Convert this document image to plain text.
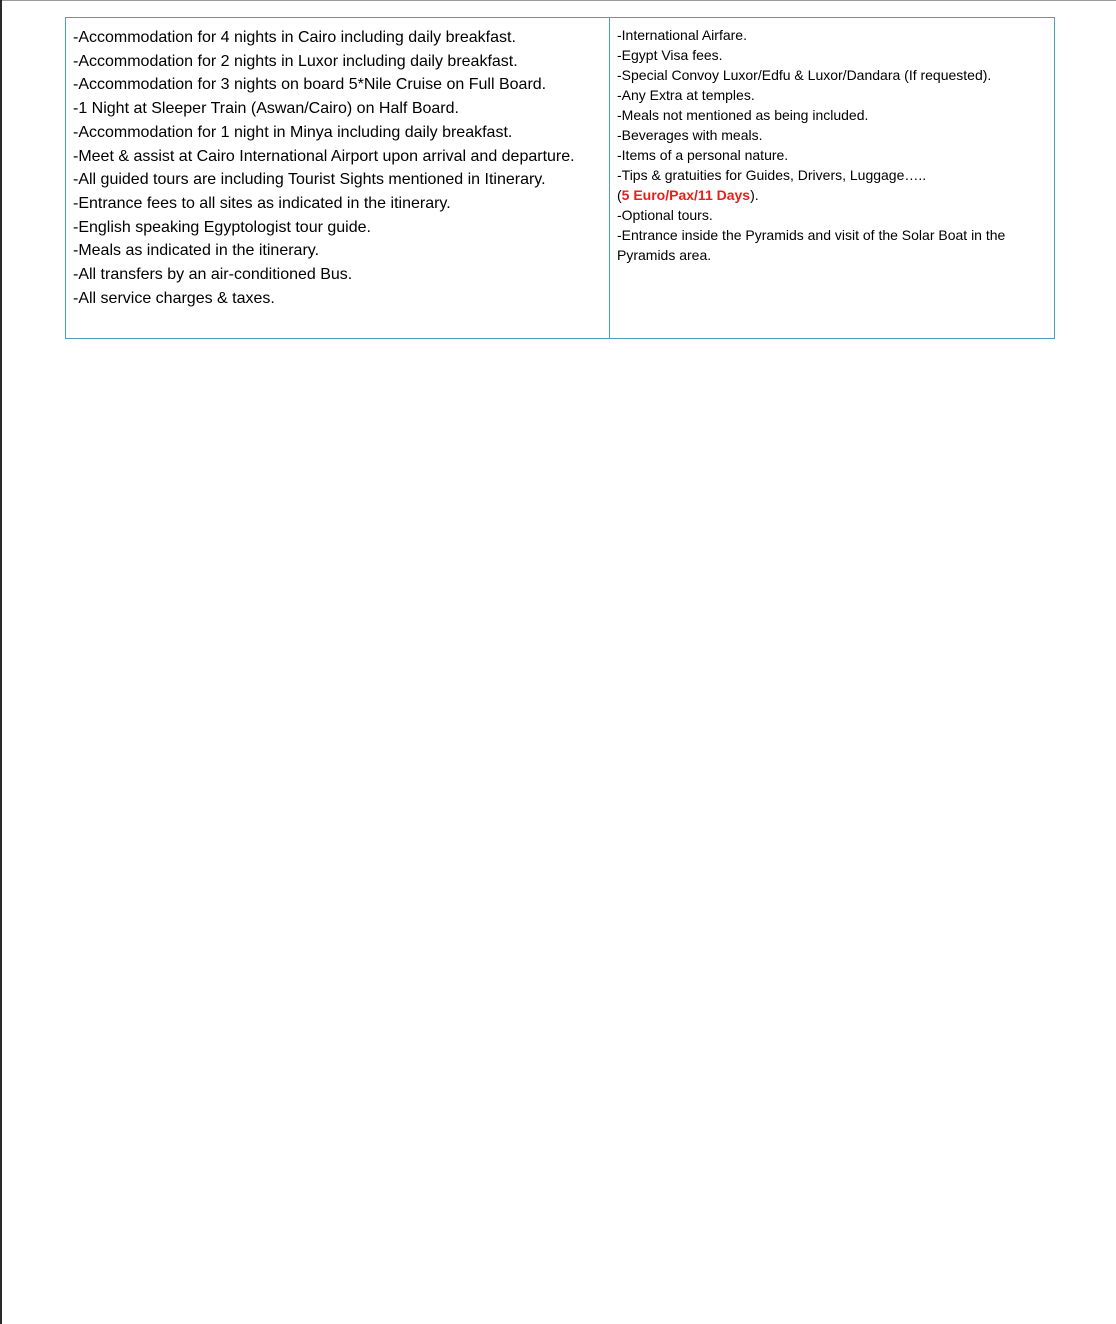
-Accommodation for 4 nights in Cairo including daily breakfast.
-Accommodation for 2 nights in Luxor including daily breakfast.
-Accommodation for 3 nights on board 5*Nile Cruise on Full Board.
-1 Night at Sleeper Train (Aswan/Cairo) on Half Board.
-Accommodation for 1 night in Minya including daily breakfast.
-Meet & assist at Cairo International Airport upon arrival and departure.
-All guided tours are including Tourist Sights mentioned in Itinerary.
-Entrance fees to all sites as indicated in the itinerary.
-English speaking Egyptologist tour guide.
-Meals as indicated in the itinerary.
-All transfers by an air-conditioned Bus.
-All service charges & taxes.
-International Airfare.
-Egypt Visa fees.
-Special Convoy Luxor/Edfu & Luxor/Dandara (If requested).
-Any Extra at temples.
-Meals not mentioned as being included.
-Beverages with meals.
-Items of a personal nature.
-Tips & gratuities for Guides, Drivers, Luggage…..
(5 Euro/Pax/11 Days).
-Optional tours.
-Entrance inside the Pyramids and visit of the Solar Boat in the Pyramids area.
